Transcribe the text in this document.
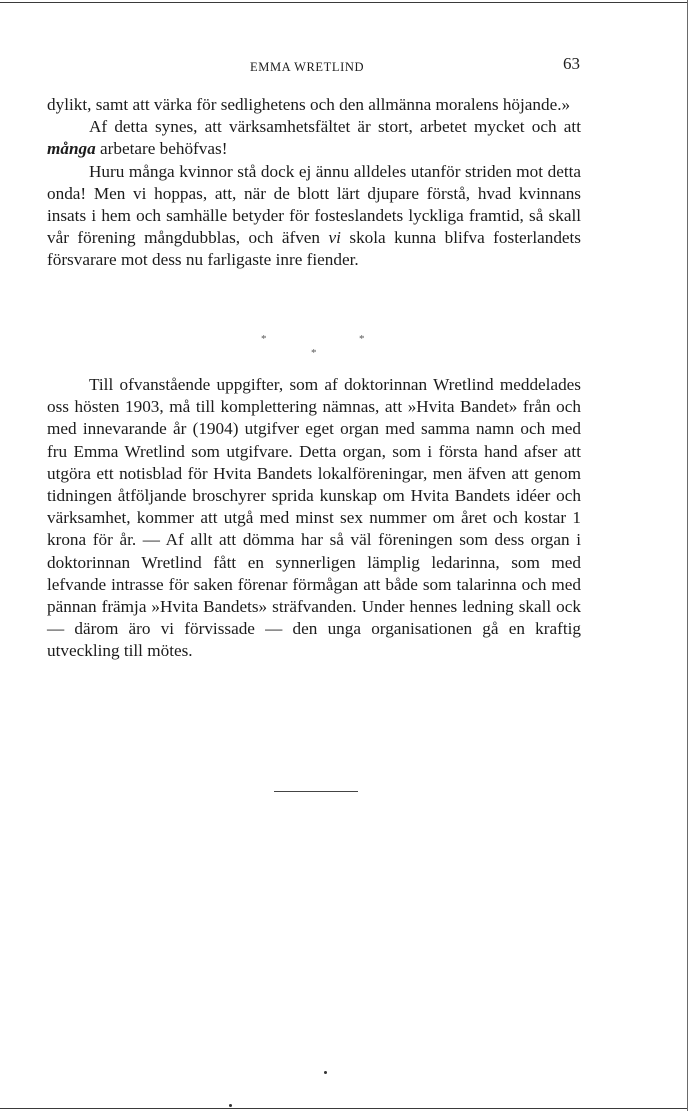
EMMA WRETLIND	63

dylikt, samt att värka för sedlighetens och den allmänna moralens höjande.»

Af detta synes, att värksamhetsfältet är stort, arbetet mycket och att många arbetare behöfvas!

Huru många kvinnor stå dock ej ännu alldeles utanför striden mot detta onda! Men vi hoppas, att, när de blott lärt djupare förstå, hvad kvinnans insats i hem och samhälle betyder för fosteslandets lyckliga framtid, så skall vår förening mångdubblas, och äfven vi skola kunna blifva fosterlandets försvarare mot dess nu farligaste inre fiender.

*	*
*

Till ofvanstående uppgifter, som af doktorinnan Wretlind meddelades oss hösten 1903, må till komplettering nämnas, att »Hvita Bandet» från och med innevarande år (1904) utgifver eget organ med samma namn och med fru Emma Wretlind som utgifvare. Detta organ, som i första hand afser att utgöra ett notisblad för Hvita Bandets lokalföreningar, men äfven att genom tidningen åtföljande broschyrer sprida kunskap om Hvita Bandets idéer och värksamhet, kommer att utgå med minst sex nummer om året och kostar 1 krona för år. — Af allt att dömma har så väl föreningen som dess organ i doktorinnan Wretlind fått en synnerligen lämplig ledarinna, som med lefvande intrasse för saken förenar förmågan att både som talarinna och med pännan främja »Hvita Bandets» sträfvanden. Under hennes ledning skall ock — därom äro vi förvissade — den unga organisationen gå en kraftig utveckling till mötes.
